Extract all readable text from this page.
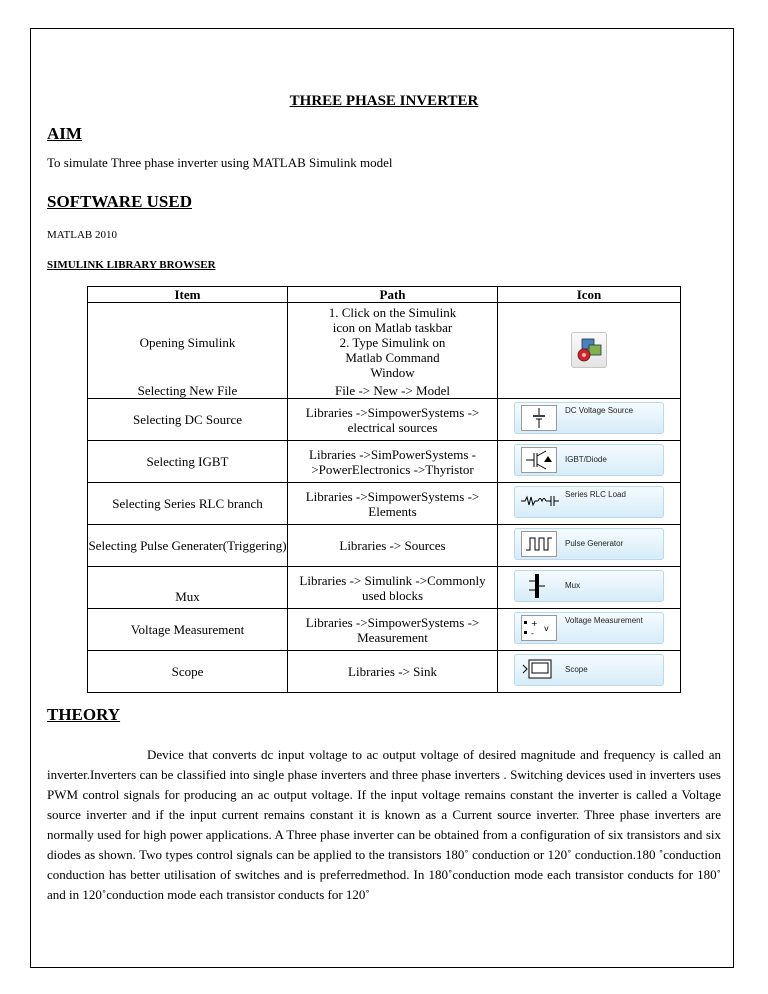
THREE PHASE INVERTER
AIM
To simulate Three phase inverter using MATLAB Simulink model
SOFTWARE USED
MATLAB 2010
SIMULINK LIBRARY BROWSER
Item	Path	Icon
Opening Simulink	1. Click on the Simulink
icon on Matlab taskbar
2. Type Simulink on
Matlab Command
Window

Selecting New File	File -> New -> Model	
Selecting DC Source	Libraries ->SimpowerSystems -> electrical sources	DC Voltage Source

Selecting IGBT	Libraries ->SimPowerSystems - >PowerElectronics ->Thyristor	IGBT/Diode

Selecting Series RLC branch	Libraries ->SimpowerSystems -> Elements	Series RLC Load

Selecting Pulse Generater(Triggering)	Libraries -> Sources	Pulse Generator

Mux	Libraries -> Simulink ->Commonly used blocks	Mux

Voltage Measurement	Libraries ->SimpowerSystems -> Measurement	+
-
v
Voltage Measurement

Scope	Libraries -> Sink	Scope
THEORY
Device that converts dc input voltage to ac output voltage of desired magnitude and frequency is called an inverter.Inverters can be classified into single phase inverters and three phase inverters . Switching devices used in inverters uses PWM control signals for producing an ac output voltage. If the input voltage remains constant the inverter is called a Voltage source inverter and if the input current remains constant it is known as a Current source inverter. Three phase inverters are normally used for high power applications. A Three phase inverter can be obtained from a configuration of six transistors and six diodes as shown. Two types control signals can be applied to the transistors 180˚ conduction or 120˚ conduction.180 ˚conduction conduction has better utilisation of switches and is preferredmethod. In 180˚conduction mode each transistor conducts for 180˚ and in 120˚conduction mode each transistor conducts for 120˚
